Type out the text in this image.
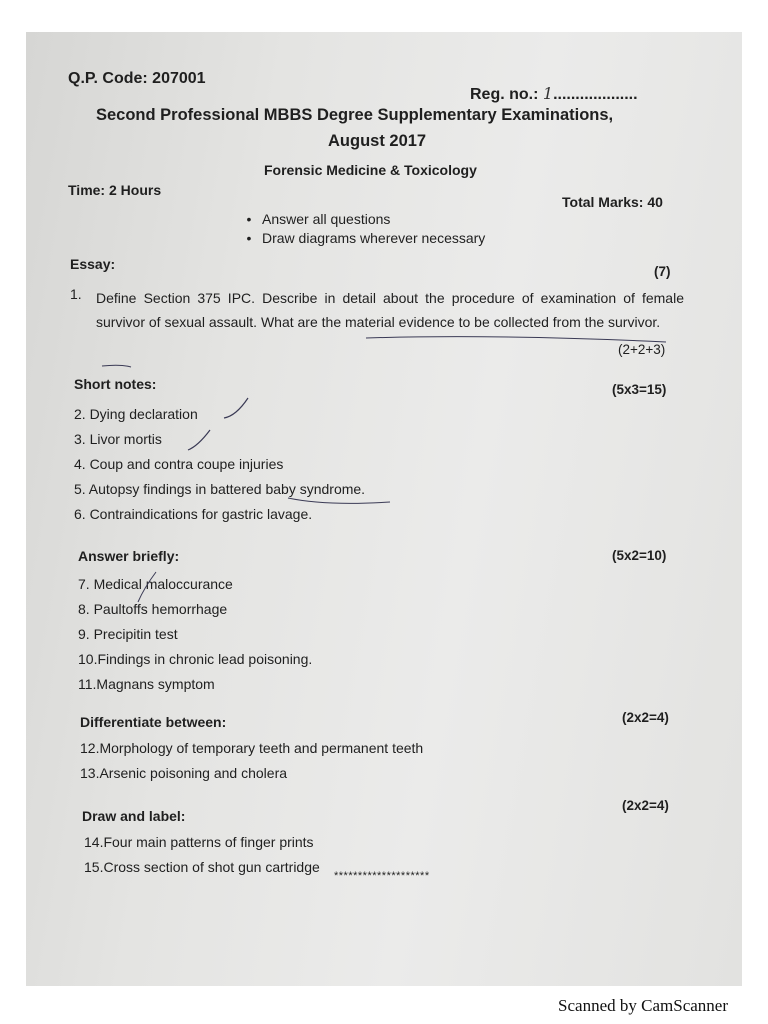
Q.P. Code: 207001
Reg. no.: 1...................
Second Professional MBBS Degree Supplementary Examinations,
August 2017
Forensic Medicine & Toxicology
Time: 2 Hours
Total Marks: 40
• Answer all questions
• Draw diagrams wherever necessary
Essay:	(7)
1. Define Section 375 IPC. Describe in detail about the procedure of examination of female survivor of sexual assault. What are the material evidence to be collected from the survivor.
(2+2+3)
Short notes:	(5x3=15)
2. Dying declaration
3. Livor mortis
4. Coup and contra coupe injuries
5. Autopsy findings in battered baby syndrome.
6. Contraindications for gastric lavage.
Answer briefly:	(5x2=10)
7. Medical maloccurance
8. Paultoffs hemorrhage
9. Precipitin test
10.Findings in chronic lead poisoning.
11.Magnans symptom
Differentiate between:	(2x2=4)
12.Morphology of temporary teeth and permanent teeth
13.Arsenic poisoning and cholera
Draw and label:
(2x2=4)
14.Four main patterns of finger prints
15.Cross section of shot gun cartridge
********************
Scanned by CamScanner
